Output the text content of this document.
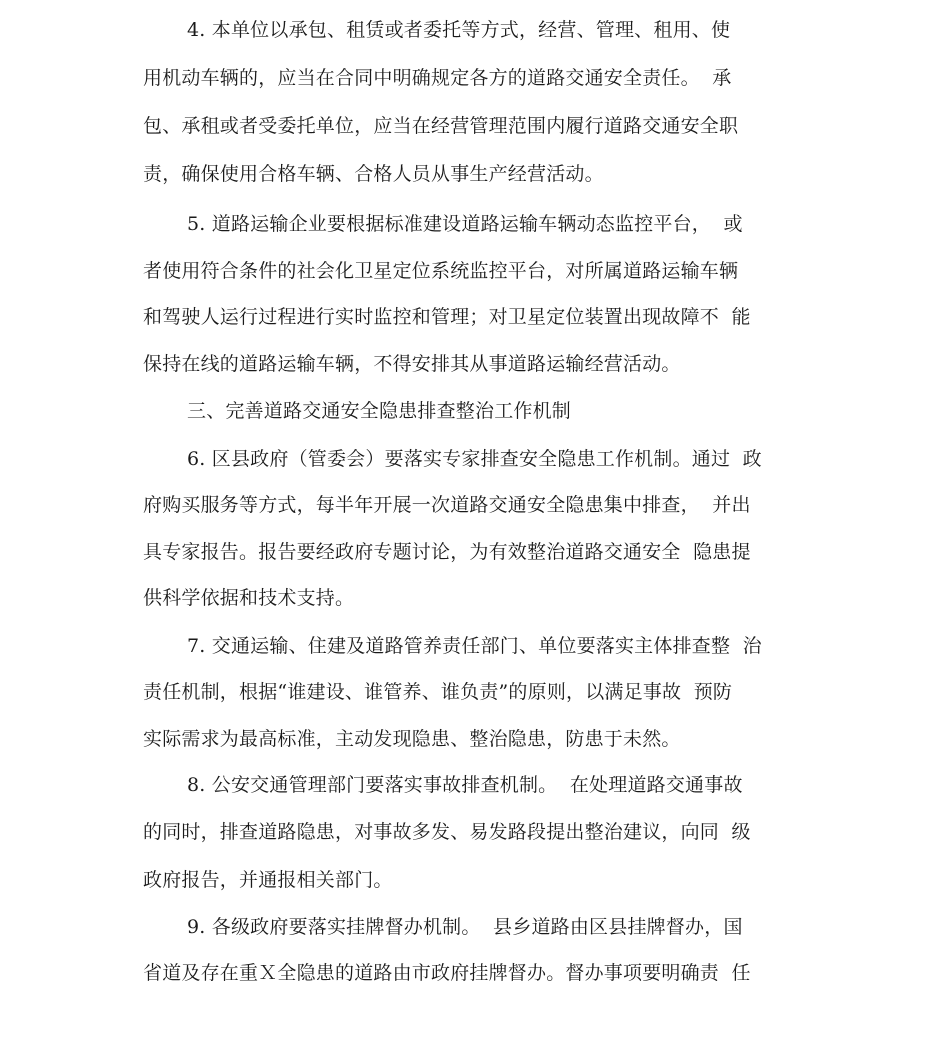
4. 本单位以承包、租赁或者委托等方式，经营、管理、租用、使
用机动车辆的，应当在合同中明确规定各方的道路交通安全责任。  承
包、承租或者受委托单位，应当在经营管理范围内履行道路交通安全职
责，确保使用合格车辆、合格人员从事生产经营活动。
5. 道路运输企业要根据标准建设道路运输车辆动态监控平台，  或
者使用符合条件的社会化卫星定位系统监控平台，对所属道路运输车辆
和驾驶人运行过程进行实时监控和管理；对卫星定位装置出现故障不  能
保持在线的道路运输车辆，不得安排其从事道路运输经营活动。
三、完善道路交通安全隐患排查整治工作机制
6. 区县政府（管委会）要落实专家排查安全隐患工作机制。通过  政
府购买服务等方式，每半年开展一次道路交通安全隐患集中排查，  并出
具专家报告。报告要经政府专题讨论，为有效整治道路交通安全  隐患提
供科学依据和技术支持。
7. 交通运输、住建及道路管养责任部门、单位要落实主体排查整  治
责任机制，根据“谁建设、谁管养、谁负责”的原则，以满足事故  预防
实际需求为最高标准，主动发现隐患、整治隐患，防患于未然。
8. 公安交通管理部门要落实事故排查机制。  在处理道路交通事故
的同时，排查道路隐患，对事故多发、易发路段提出整治建议，向同  级
政府报告，并通报相关部门。
9. 各级政府要落实挂牌督办机制。  县乡道路由区县挂牌督办，国
省道及存在重Ｘ全隐患的道路由市政府挂牌督办。督办事项要明确责  任
